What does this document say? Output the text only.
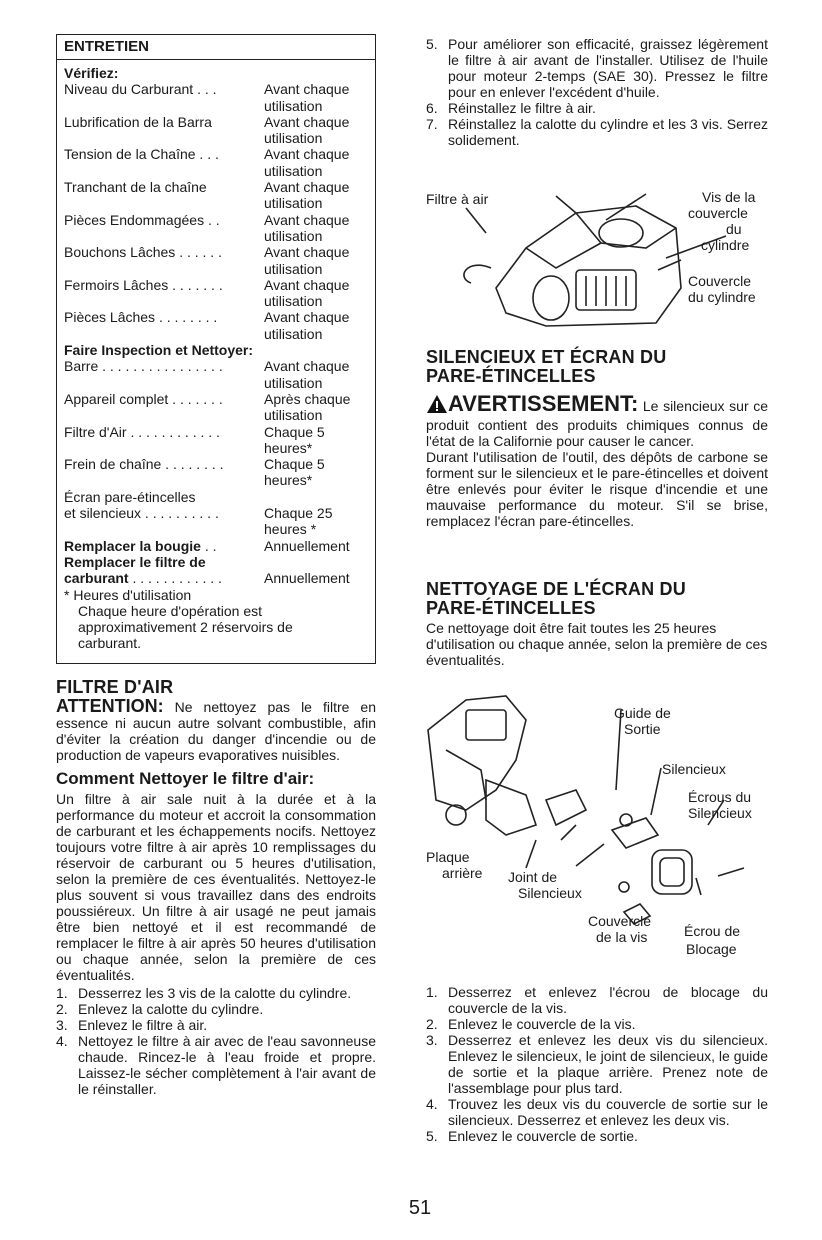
ENTRETIEN
Vérifiez:
Niveau du Carburant . . .	Avant chaque
utilisation
Lubrification de la Barra	Avant chaque
utilisation
Tension de la Chaîne . . .	Avant chaque
utilisation
Tranchant de la chaîne	Avant chaque
utilisation
Pièces Endommagées . .	Avant chaque
utilisation
Bouchons Lâches . . . . . .	Avant chaque
utilisation
Fermoirs Lâches . . . . . . .	Avant chaque
utilisation
Pièces Lâches . . . . . . . .	Avant chaque
utilisation
Faire Inspection et Nettoyer:
Barre . . . . . . . . . . . . . . . .	Avant chaque
utilisation
Appareil complet . . . . . . .	Après chaque
utilisation
Filtre d'Air . . . . . . . . . . . .	Chaque 5
heures*
Frein de chaîne . . . . . . . .	Chaque 5
heures*
Écran pare-étincelles
et silencieux . . . . . . . . . .	Chaque 25
heures *
Remplacer la bougie . .	Annuellement
Remplacer le filtre de
carburant . . . . . . . . . . . .	Annuellement
* Heures d'utilisation
Chaque heure d'opération est
approximativement 2 réservoirs de
carburant.
5. Pour améliorer son efficacité, graissez légèrement le filtre à air avant de l'installer. Utilisez de l'huile pour moteur 2-temps (SAE 30). Pressez le filtre pour en enlever l'excédent d'huile.
6. Réinstallez le filtre à air.
7. Réinstallez la calotte du cylindre et les 3 vis. Serrez solidement.
Filtre à air	Vis de la
couvercle
du
cylindre
Couvercle
du cylindre
SILENCIEUX ET ÉCRAN DU
PARE-ÉTINCELLES

AVERTISSEMENT: Le silencieux sur ce produit contient des produits chimiques connus de l'état de la Californie pour causer le cancer.

Durant l'utilisation de l'outil, des dépôts de carbone se forment sur le silencieux et le pare-étincelles et doivent être enlevés pour éviter le risque d'incendie et une mauvaise performance du moteur. S'il se brise, remplacez l'écran pare-étincelles.

NETTOYAGE DE L'ÉCRAN DU
PARE-ÉTINCELLES

Ce nettoyage doit être fait toutes les 25 heures d'utilisation ou chaque année, selon la première de ces éventualités.

FILTRE D'AIR

ATTENTION: Ne nettoyez pas le filtre en essence ni aucun autre solvant combustible, afin d'éviter la création du danger d'incendie ou de production de vapeurs evaporatives nuisibles.

Comment Nettoyer le filtre d'air:

Un filtre à air sale nuit à la durée et à la performance du moteur et accroit la consommation de carburant et les échappements nocifs. Nettoyez toujours votre filtre à air après 10 remplissages du réservoir de carburant ou 5 heures d'utilisation, selon la première de ces éventualités. Nettoyez-le plus souvent si vous travaillez dans des endroits poussiéreux. Un filtre à air usagé ne peut jamais être bien nettoyé et il est recommandé de remplacer le filtre à air après 50 heures d'utilisation ou chaque année, selon la première de ces éventualités.

1. Desserrez les 3 vis de la calotte du cylindre.
2. Enlevez la calotte du cylindre.
3. Enlevez le filtre à air.
4. Nettoyez le filtre à air avec de l'eau savonneuse chaude. Rincez-le à l'eau froide et propre. Laissez-le sécher complètement à l'air avant de le réinstaller.
Guide de
Sortie
Silencieux
Écrous du
Silencieux
Plaque
arrière Joint de
Silencieux
Couvercle
de la vis	Écrou de
Blocage
1. Desserrez et enlevez l'écrou de blocage du couvercle de la vis.
2. Enlevez le couvercle de la vis.
3. Desserrez et enlevez les deux vis du silencieux. Enlevez le silencieux, le joint de silencieux, le guide de sortie et la plaque arrière. Prenez note de l'assemblage pour plus tard.
4. Trouvez les deux vis du couvercle de sortie sur le silencieux. Desserrez et enlevez les deux vis.
5. Enlevez le couvercle de sortie.
51
